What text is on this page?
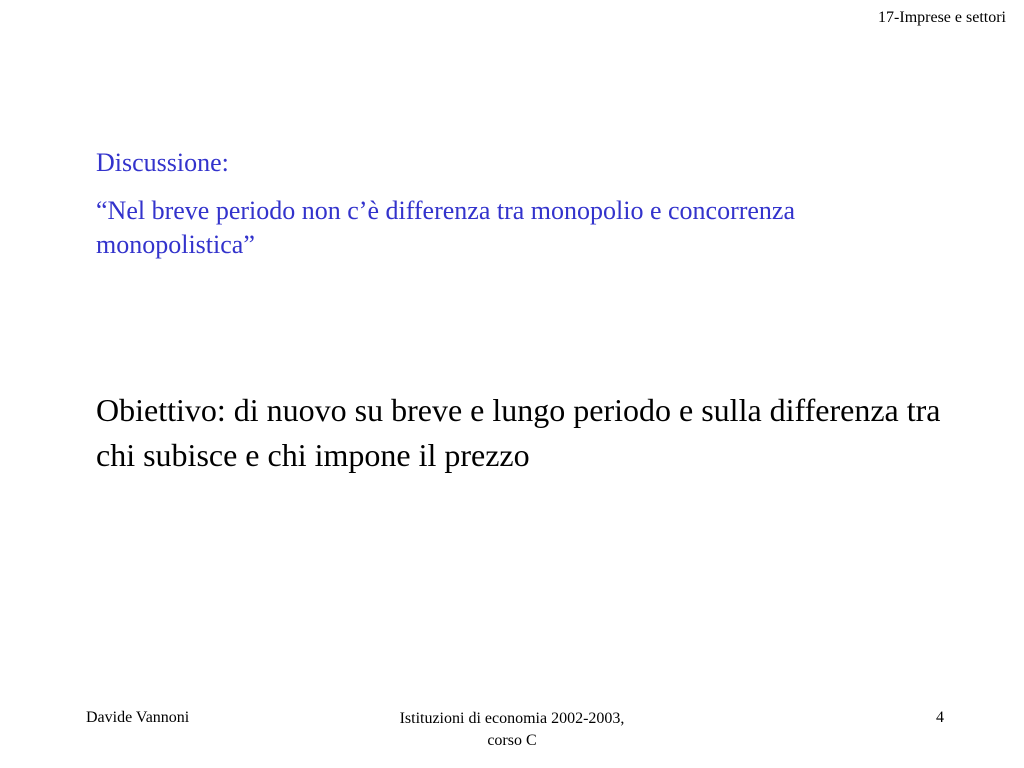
17-Imprese e settori
Discussione:
“Nel breve periodo non c’è differenza tra monopolio e concorrenza monopolistica”
Obiettivo: di nuovo su breve e lungo periodo e sulla differenza tra chi subisce e chi impone il prezzo
Davide Vannoni	Istituzioni di economia 2002-2003,
corso C
4
